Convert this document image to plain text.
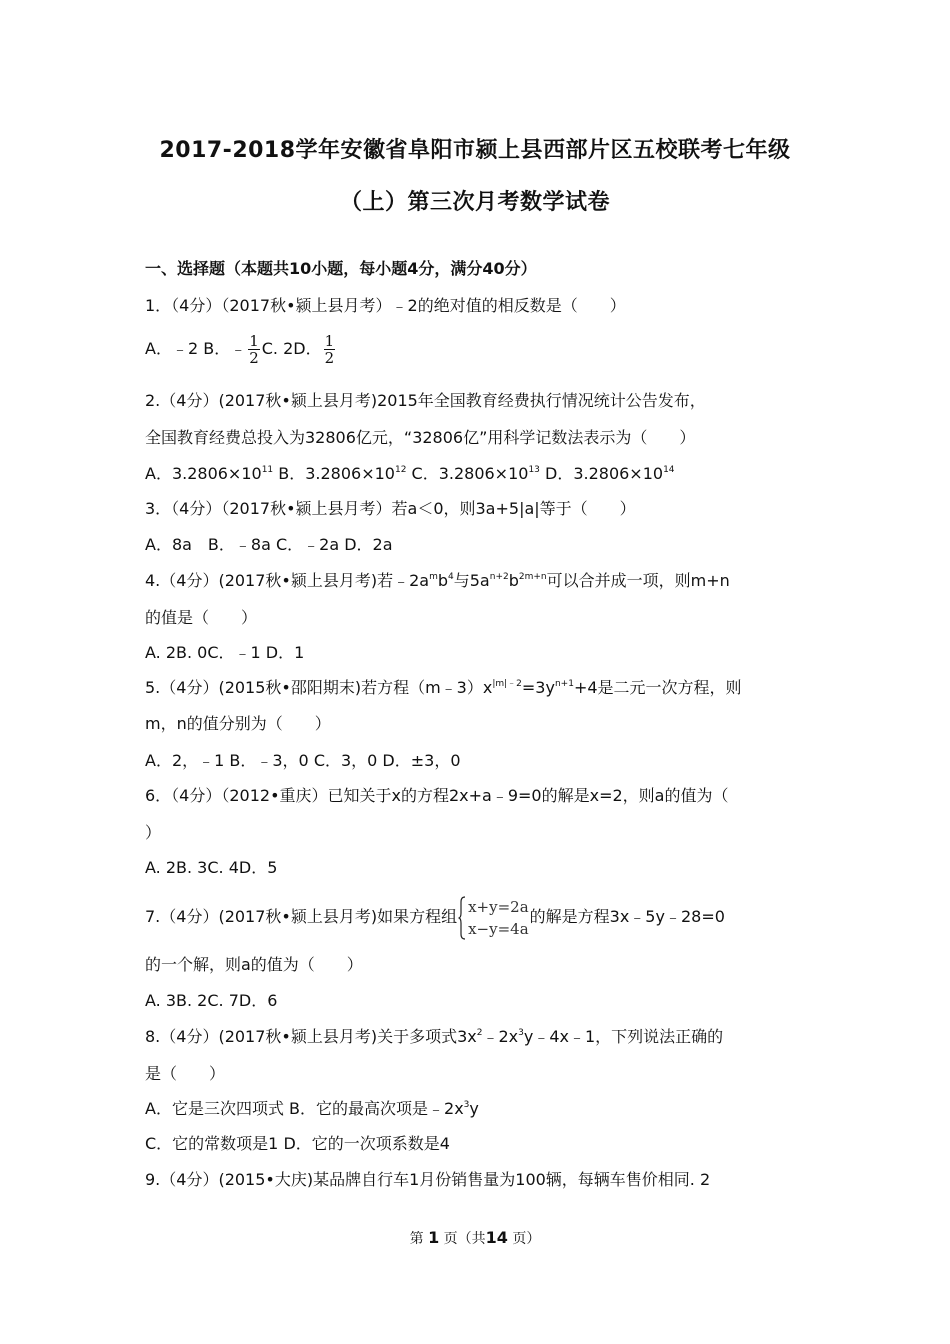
2017-2018学年安徽省阜阳市颍上县西部片区五校联考七年级
（上）第三次月考数学试卷
一、选择题（本题共10小题，每小题4分，满分40分）
1．（4分）（2017秋•颍上县月考）﹣2的绝对值的相反数是（　　）
A．﹣2 B．﹣ $\frac{1}{2} C$. 2D． $\frac{1}{2}$
2.（4分）(2017秋•颍上县月考)2015年全国教育经费执行情况统计公告发布，
全国教育经费总投入为32806亿元，“32806亿”用科学记数法表示为（　　）
A．$3.2806\times 10^{11}$ B．$3.2806\times 10^{12}$ C．$3.2806\times 10^{13}$ D．$3.2806\times 10^{14}$
3．（4分）（2017秋•颍上县月考）若a＜0，则3a+5|a|等于（　　）
A．8a　B．﹣8a C．﹣2a D．2a
4.（4分）(2017秋•颍上县月考)若$﹣2a^mb^4$与$5a^{n+2}b^{2m+n}$可以合并成一项，则m+n
的值是（　　）
A. 2B. 0C．﹣1 D．1
5.（4分）(2015秋•邵阳期末)若方程$(m﹣3)x^{|m|﹣2}=3y^{n+1}+4$是二元一次方程，则
m，n的值分别为（　　）
A．2，﹣1 B．﹣3，0 C．3，0 D．±3，0
6．（4分）（2012•重庆）已知关于x的方程2x+a﹣9=0的解是x=2，则a的值为（
）
A. 2B. 3C. 4D．5
7.（4分）(2017秋•颍上县月考)如果方程组
x+y=2a
x−y=4a
的解是方程3x﹣5y﹣28=0
的一个解，则a的值为（　　）
A. 3B. 2C. 7D．6
8.（4分）(2017秋•颍上县月考)关于多项式$3x^2﹣2x^3y﹣4x﹣1$，下列说法正确的
是（　　）
A．它是三次四项式 B．它的最高次项是$﹣2x^3y$
C．它的常数项是1 D．它的一次项系数是4
9.（4分）(2015•大庆)某品牌自行车1月份销售量为100辆，每辆车售价相同. 2
第 1 页（共14 页）
